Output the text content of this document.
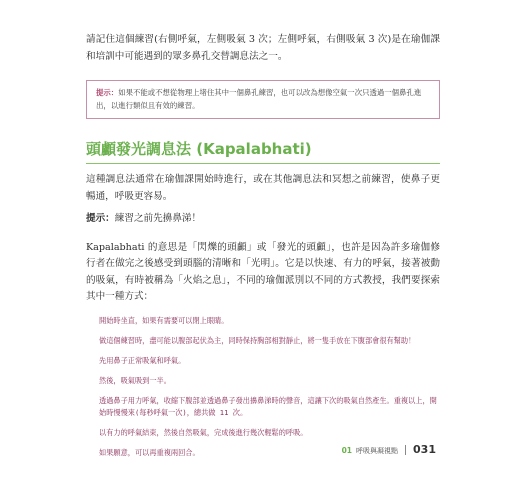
請記住這個練習(右側呼氣，左側吸氣 3 次；左側呼氣，右側吸氣 3 次)是在瑜伽課和培訓中可能遇到的眾多鼻孔交替調息法之一。

提示：如果不能或不想從物理上堵住其中一個鼻孔練習，也可以改為想像空氣一次只透過一個鼻孔進出，以進行類似且有效的練習。
頭顱發光調息法 (Kapalabhati)

這種調息法通常在瑜伽課開始時進行，或在其他調息法和冥想之前練習，使鼻子更暢通，呼吸更容易。

提示：練習之前先擤鼻涕！

Kapalabhati 的意思是「閃爍的頭顱」或「發光的頭顱」，也許是因為許多瑜伽修行者在做完之後感受到頭腦的清晰和「光明」。它是以快速、有力的呼氣，接著被動的吸氣，有時被稱為「火焰之息」，不同的瑜伽派別以不同的方式教授，我們要探索其中一種方式：

開始時坐直，如果有需要可以閉上眼睛。

做這個練習時，盡可能以腹部起伏為主，同時保持胸部相對靜止，將一隻手放在下腹部會很有幫助！

先用鼻子正常吸氣和呼氣。

然後，吸氣吸到一半。

透過鼻子用力呼氣，收縮下腹部並透過鼻子發出擤鼻涕時的聲音，這讓下次的吸氣自然產生。重複以上，開始時慢慢來(每秒呼氣一次)，總共做 11 次。

以有力的呼氣結束，然後自然吸氣，完成後進行幾次輕鬆的呼吸。

如果願意，可以再重複兩回合。	01 呼吸與凝視點 031
